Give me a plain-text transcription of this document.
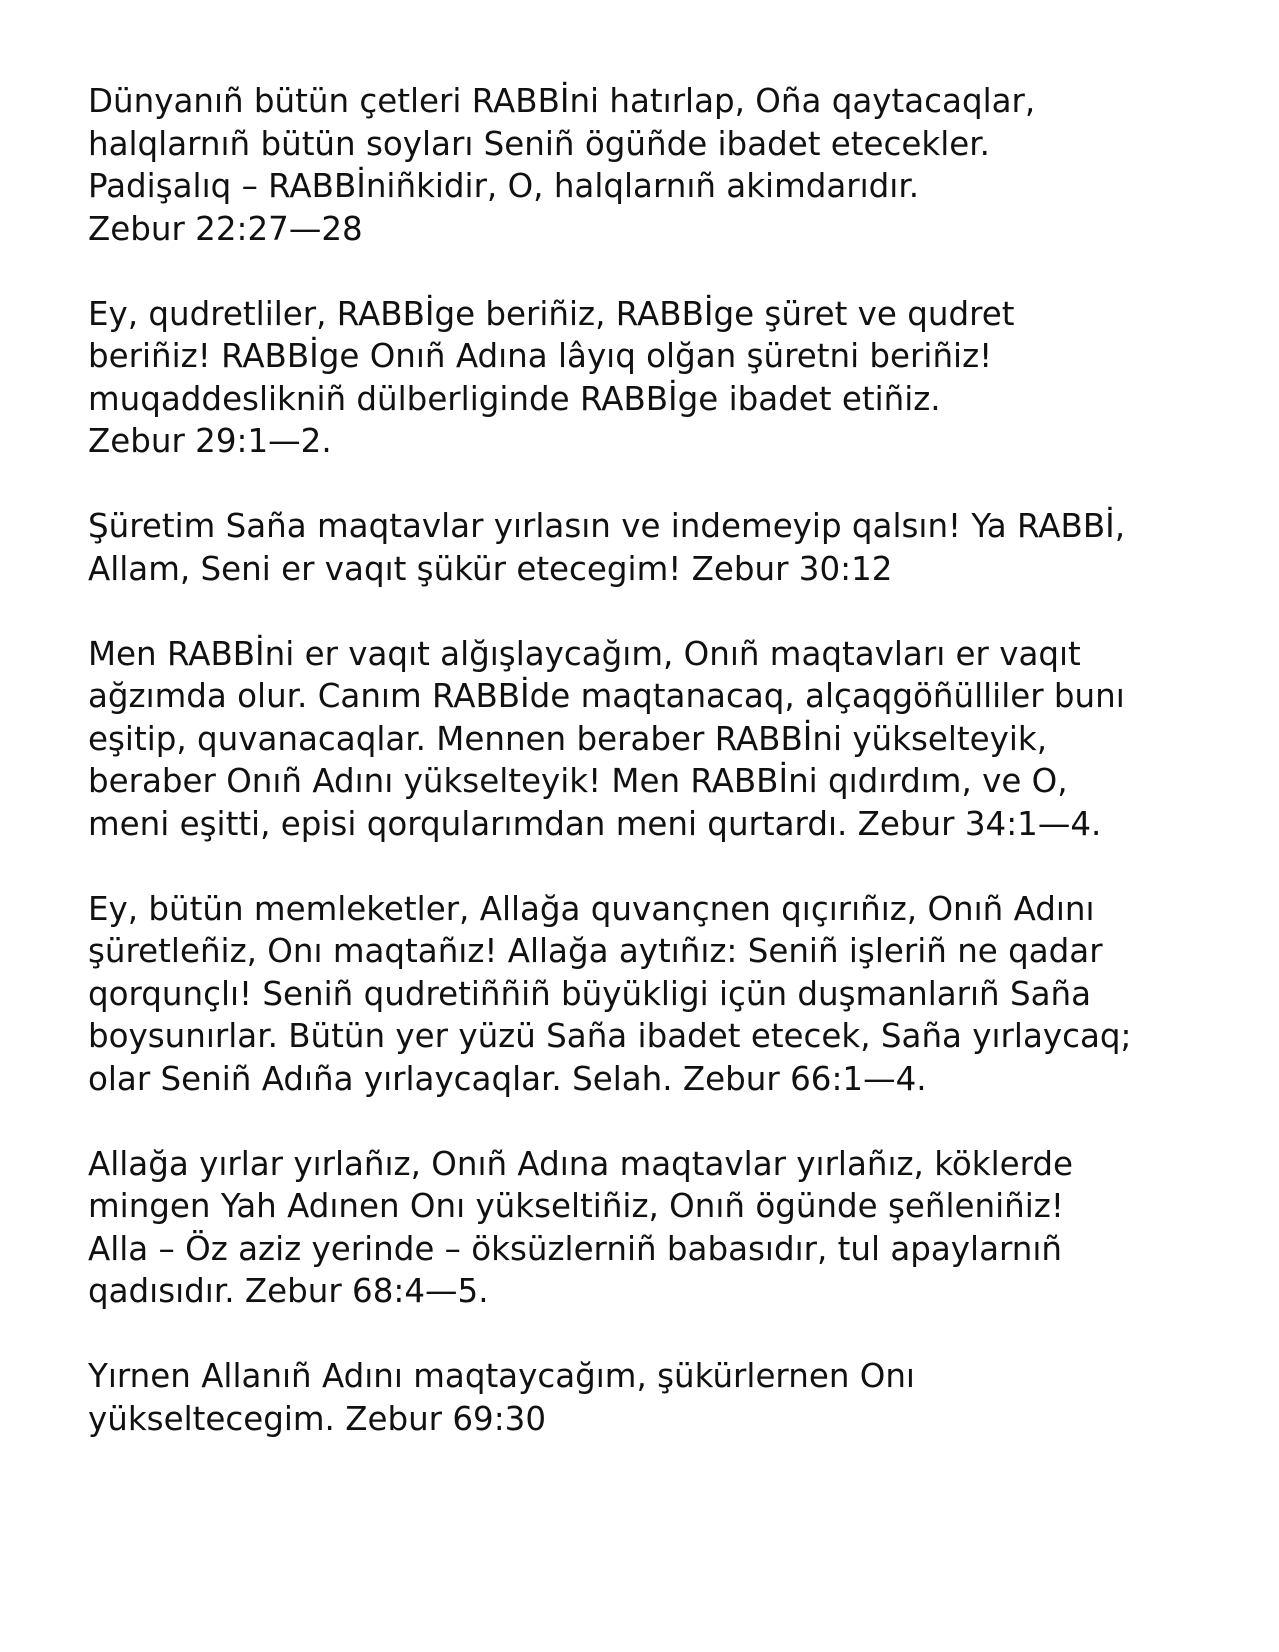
Dünyanıñ bütün çetleri RABBİni hatırlap, Oña qaytacaqlar,
halqlarnıñ bütün soyları Seniñ ögüñde ibadet etecekler.
Padişalıq – RABBİniñkidir, O, halqlarnıñ akimdarıdır.
Zebur 22:27—28

Ey, qudretliler, RABBİge beriñiz, RABBİge şüret ve qudret
beriñiz! RABBİge Onıñ Adına lâyıq olğan şüretni beriñiz!
muqaddeslikniñ dülberliginde RABBİge ibadet etiñiz.
Zebur 29:1—2.

Şüretim Saña maqtavlar yırlasın ve indemeyip qalsın! Ya RABBİ,
Allam, Seni er vaqıt şükür etecegim! Zebur 30:12

Men RABBİni er vaqıt alğışlaycağım, Onıñ maqtavları er vaqıt
ağzımda olur. Canım RABBİde maqtanacaq, alçaqgöñülliler bunı
eşitip, quvanacaqlar. Mennen beraber RABBİni yükselteyik,
beraber Onıñ Adını yükselteyik! Men RABBİni qıdırdım, ve O,
meni eşitti, episi qorqularımdan meni qurtardı. Zebur 34:1—4.

Ey, bütün memleketler, Allağa quvançnen qıçırıñız, Onıñ Adını
şüretleñiz, Onı maqtañız! Allağa aytıñız: Seniñ işleriñ ne qadar
qorqunçlı! Seniñ qudretiññiñ büyükligi içün duşmanlarıñ Saña
boysunırlar. Bütün yer yüzü Saña ibadet etecek, Saña yırlaycaq;
olar Seniñ Adıña yırlaycaqlar. Selah. Zebur 66:1—4.

Allağa yırlar yırlañız, Onıñ Adına maqtavlar yırlañız, köklerde
mingen Yah Adınen Onı yükseltiñiz, Onıñ ögünde şeñleniñiz!
Alla – Öz aziz yerinde – öksüzlerniñ babasıdır, tul apaylarnıñ
qadısıdır. Zebur 68:4—5.

Yırnen Allanıñ Adını maqtaycağım, şükürlernen Onı
yükseltecegim. Zebur 69:30
